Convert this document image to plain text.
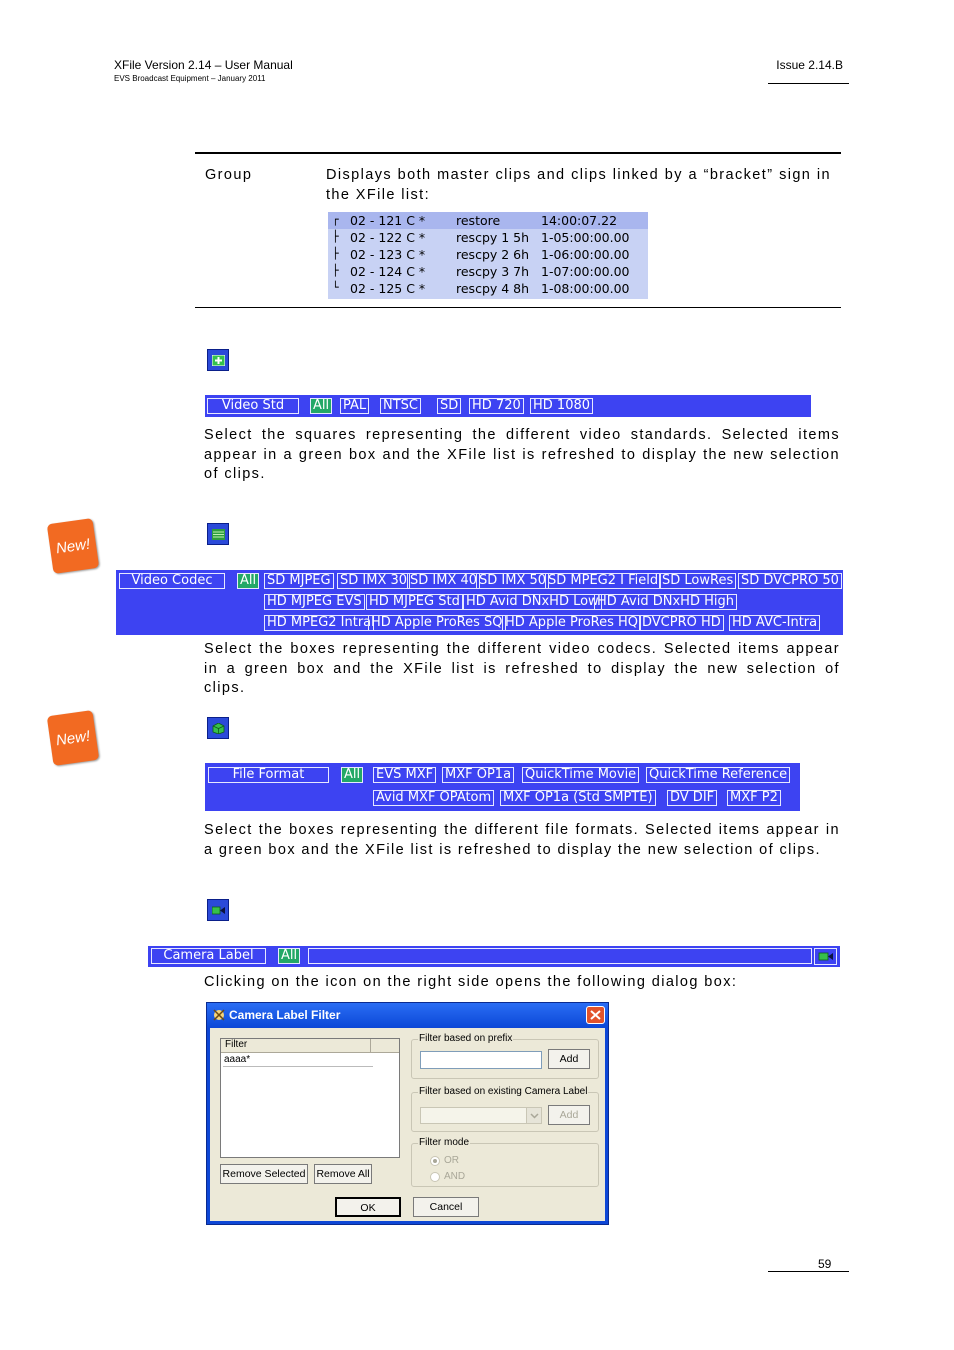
XFile Version 2.14 – User Manual
EVS Broadcast Equipment – January 2011
Issue 2.14.B
Group	Displays both master clips and clips linked by a “bracket” sign in the XFile list:
┌ 02 - 121 C * restore	14:00:07.22
├ 02 - 122 C * rescpy 1 5h 1-05:00:00.00
├ 02 - 123 C * rescpy 2 6h 1-06:00:00.00
├ 02 - 124 C * rescpy 3 7h 1-07:00:00.00
└ 02 - 125 C * rescpy 4 8h 1-08:00:00.00
Video Std	All PAL NTSC SD HD 720 HD 1080
Select the squares representing the different video standards. Selected items appear in a green box and the XFile list is refreshed to display the new selection of clips.
New!
Video Codec	All SD MJPEG SD IMX 30 SD IMX 40 SD IMX 50 SD MPEG2 I Field SD LowRes SD DVCPRO 50
HD MJPEG EVS HD MJPEG Std HD Avid DNxHD Low
HD Avid DNxHD High
HD MPEG2 Intra HD Apple ProRes SQ HD Apple ProRes HQ DVCPRO HD HD AVC-Intra
Select the boxes representing the different video codecs. Selected items appear in a green box and the XFile list is refreshed to display the new selection of clips.
New!
File Format	All EVS MXF MXF OP1a QuickTime Movie QuickTime Reference
Avid MXF OPAtom MXF OP1a (Std SMPTE) DV DIF MXF P2
Select the boxes representing the different file formats. Selected items appear in a green box and the XFile list is refreshed to display the new selection of clips.
Camera Label	All
Clicking on the icon on the right side opens the following dialog box:
Camera Label Filter
Filter
aaaa*
Remove Selected Remove All
Filter based on prefix
Add
Filter based on existing Camera Label
Add
Filter mode
OR
AND
OK	Cancel
59
